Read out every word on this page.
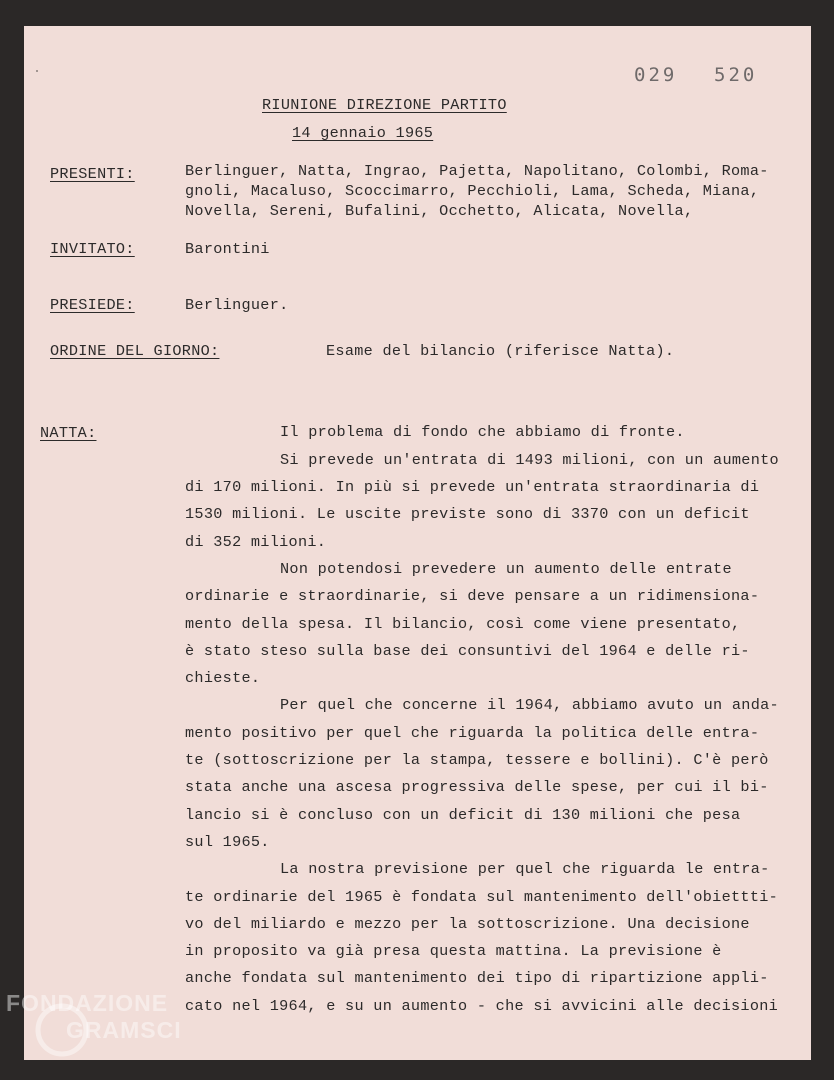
029 520
RIUNIONE DIREZIONE PARTITO
14 gennaio 1965
PRESENTI:	Berlinguer, Natta, Ingrao, Pajetta, Napolitano, Colombi, Roma-
gnoli, Macaluso, Scoccimarro, Pecchioli, Lama, Scheda, Miana,
Novella, Sereni, Bufalini, Occhetto, Alicata, Novella,
INVITATO:	Barontini
PRESIEDE:	Berlinguer.
ORDINE DEL GIORNO:	Esame del bilancio (riferisce Natta).
NATTA:	Il problema di fondo che abbiamo di fronte.
Si prevede un'entrata di 1493 milioni, con un aumento
di 170 milioni. In più si prevede un'entrata straordinaria di
1530 milioni. Le uscite previste sono di 3370 con un deficit
di 352 milioni.
Non potendosi prevedere un aumento delle entrate
ordinarie e straordinarie, si deve pensare a un ridimensiona-
mento della spesa. Il bilancio, così come viene presentato,
è stato steso sulla base dei consuntivi del 1964 e delle ri-
chieste.
Per quel che concerne il 1964, abbiamo avuto un anda-
mento positivo per quel che riguarda la politica delle entra-
te (sottoscrizione per la stampa, tessere e bollini). C'è però
stata anche una ascesa progressiva delle spese, per cui il bi-
lancio si è concluso con un deficit di 130 milioni che pesa
sul 1965.
La nostra previsione per quel che riguarda le entra-
te ordinarie del 1965 è fondata sul mantenimento dell'obiettti-
vo del miliardo e mezzo per la sottoscrizione. Una decisione
in proposito va già presa questa mattina. La previsione è
anche fondata sul mantenimento dei tipo di ripartizione appli-
cato nel 1964, e su un aumento - che si avvicini alle decisioni
FONDAZIONE
GRAMSCI
